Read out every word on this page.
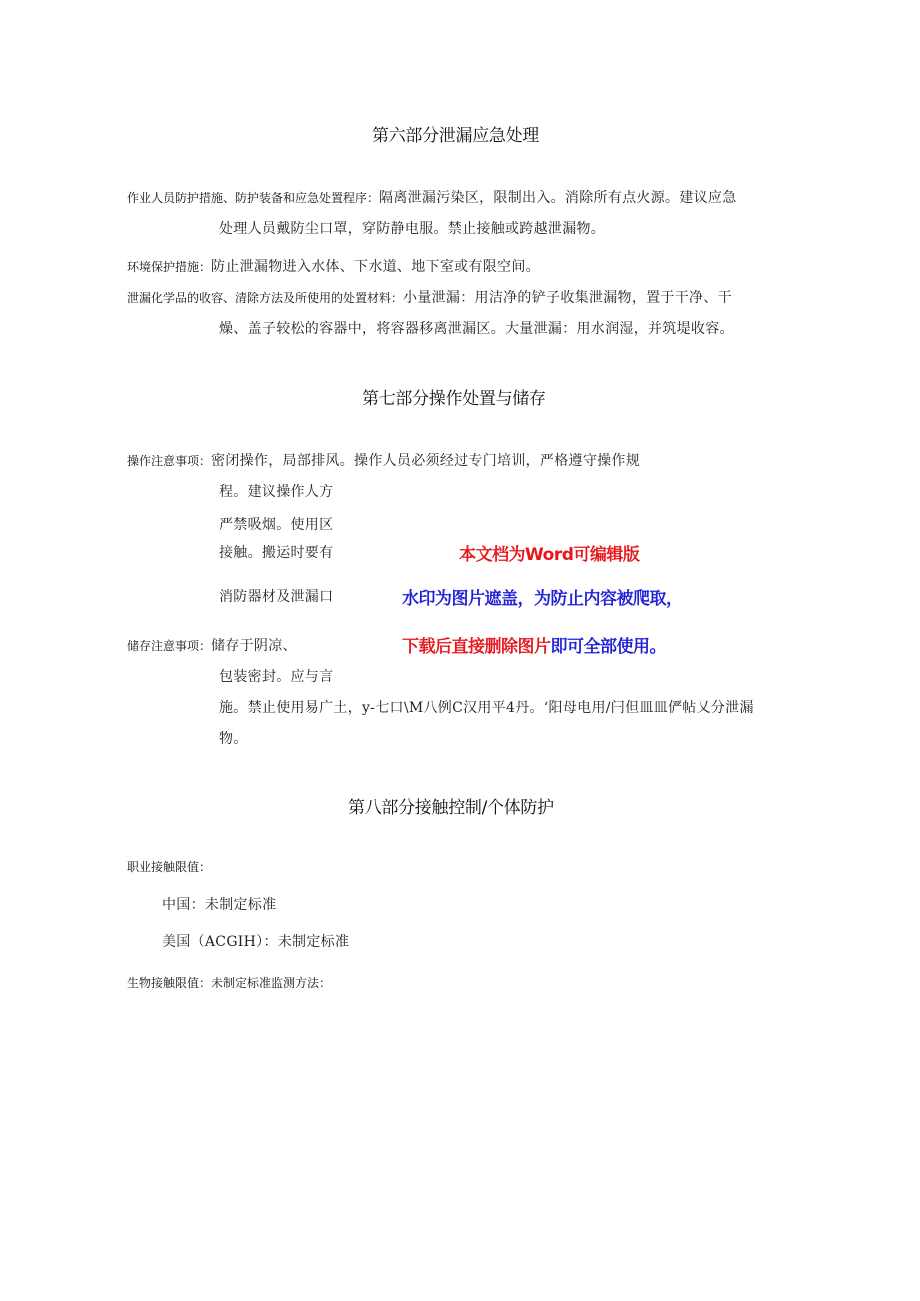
第六部分泄漏应急处理
作业人员防护措施、防护装备和应急处置程序：隔离泄漏污染区，限制出入。消除所有点火源。建议应急
处理人员戴防尘口罩，穿防静电服。禁止接触或跨越泄漏物。
环境保护措施：防止泄漏物进入水体、下水道、地下室或有限空间。
泄漏化学品的收容、清除方法及所使用的处置材料：小量泄漏：用洁净的铲子收集泄漏物，置于干净、干
燥、盖子较松的容器中，将容器移离泄漏区。大量泄漏：用水润湿，并筑堤收容。
第七部分操作处置与储存
操作注意事项：密闭操作，局部排风。操作人员必须经过专门培训，严格遵守操作规
程。建议操作人方
严禁吸烟。使用区
接触。搬运时要有
消防器材及泄漏口
储存注意事项：储存于阴凉、
包装密封。应与言
施。禁止使用易广土，y-七口\M八例C汉用平4丹。‘阳母电用/闩但皿皿俨帖乂分泄漏
物。
本文档为Word可编辑版
水印为图片遮盖，为防止内容被爬取，
下载后直接删除图片即可全部使用。
第八部分接触控制/个体防护
职业接触限值：
中国：未制定标准
美国（ACGIH）：未制定标准
生物接触限值：未制定标准监测方法：
